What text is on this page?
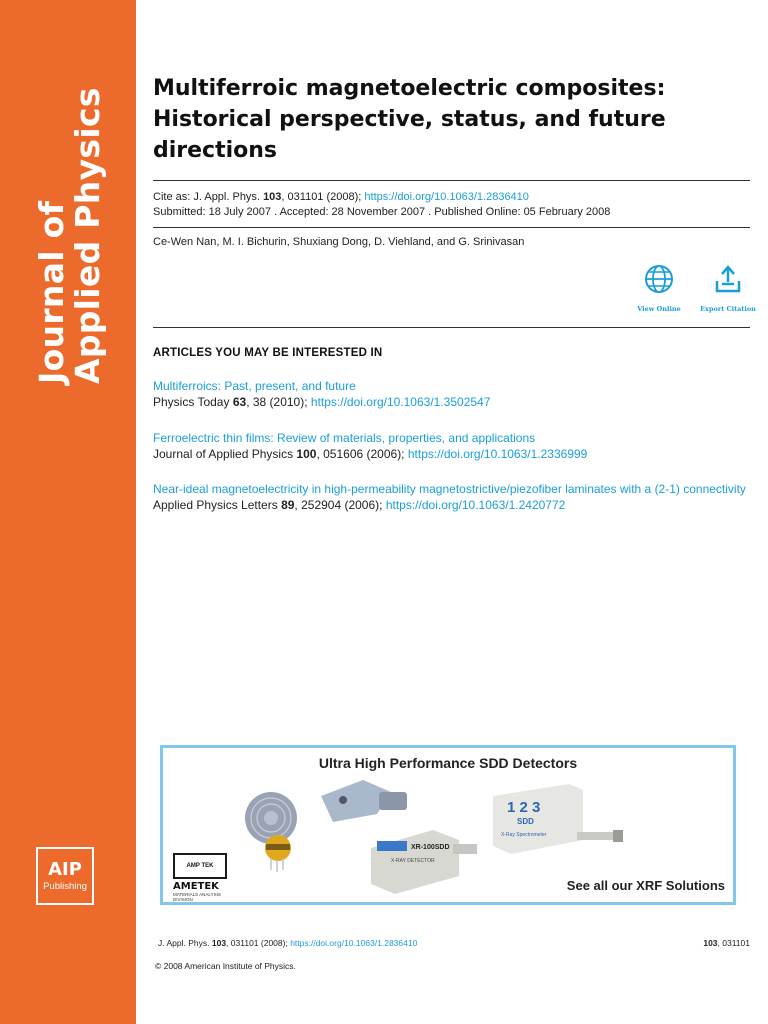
Journal of
Applied Physics
AIP
Publishing
Multiferroic magnetoelectric composites: Historical perspective, status, and future directions
Cite as: J. Appl. Phys. 103, 031101 (2008); https://doi.org/10.1063/1.2836410
Submitted: 18 July 2007 . Accepted: 28 November 2007 . Published Online: 05 February 2008
Ce-Wen Nan, M. I. Bichurin, Shuxiang Dong, D. Viehland, and G. Srinivasan
View Online	Export Citation
ARTICLES YOU MAY BE INTERESTED IN
Multiferroics: Past, present, and future
Physics Today 63, 38 (2010); https://doi.org/10.1063/1.3502547
Ferroelectric thin films: Review of materials, properties, and applications
Journal of Applied Physics 100, 051606 (2006); https://doi.org/10.1063/1.2336999
Near-ideal magnetoelectricity in high-permeability magnetostrictive/piezofiber laminates with a (2-1) connectivity
Applied Physics Letters 89, 252904 (2006); https://doi.org/10.1063/1.2420772
Ultra High Performance SDD Detectors
XR-100SDD
X-RAY DETECTOR
1 2 3
SDD
X-Ray Spectrometer
AMP TEK
AMETEK
MATERIALS ANALYSIS DIVISION
See all our XRF Solutions
J. Appl. Phys. 103, 031101 (2008); https://doi.org/10.1063/1.2836410	103, 031101
© 2008 American Institute of Physics.
